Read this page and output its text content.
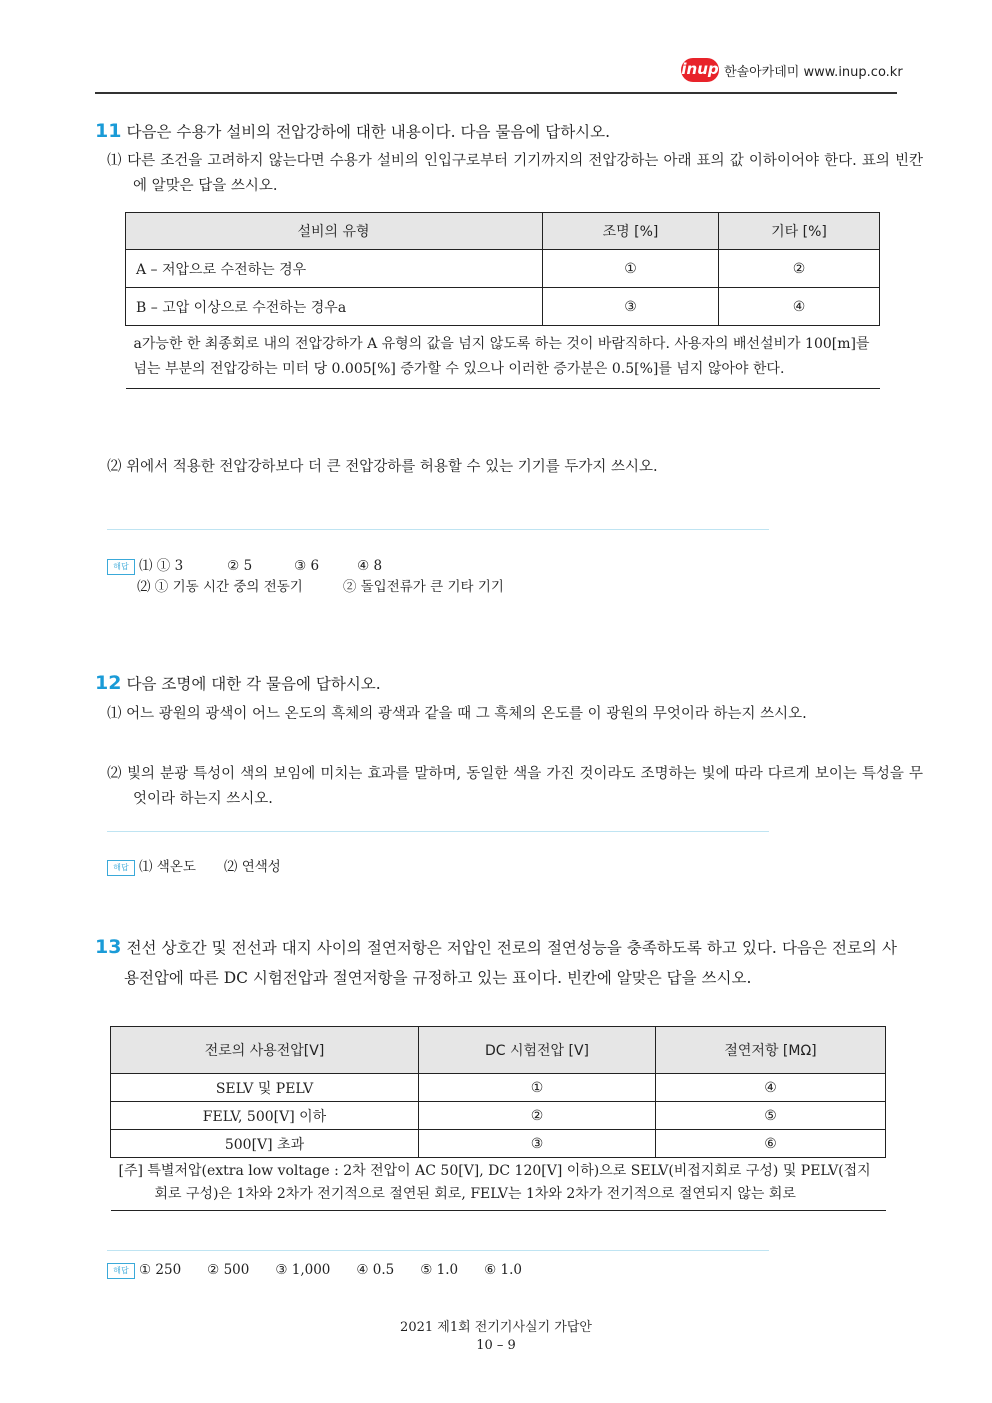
inup 한솔아카데미 www.inup.co.kr
11 다음은 수용가 설비의 전압강하에 대한 내용이다. 다음 물음에 답하시오.
⑴ 다른 조건을 고려하지 않는다면 수용가 설비의 인입구로부터 기기까지의 전압강하는 아래 표의 값 이하이어야 한다. 표의 빈칸에 알맞은 답을 쓰시오.
설비의 유형	조명 [%]	기타 [%]
A – 저압으로 수전하는 경우	①	②
B – 고압 이상으로 수전하는 경우a	③	④
a가능한 한 최종회로 내의 전압강하가 A 유형의 값을 넘지 않도록 하는 것이 바람직하다. 사용자의 배선설비가 100[m]를 넘는 부분의 전압강하는 미터 당 0.005[%] 증가할 수 있으나 이러한 증가분은 0.5[%]를 넘지 않아야 한다.		
⑵ 위에서 적용한 전압강하보다 더 큰 전압강하를 허용할 수 있는 기기를 두가지 쓰시오.
해답 ⑴ ① 3	② 5	③ 6	④ 8
⑵ ① 기동 시간 중의 전동기	② 돌입전류가 큰 기타 기기
12 다음 조명에 대한 각 물음에 답하시오.
⑴ 어느 광원의 광색이 어느 온도의 흑체의 광색과 같을 때 그 흑체의 온도를 이 광원의 무엇이라 하는지 쓰시오.
⑵ 빛의 분광 특성이 색의 보임에 미치는 효과를 말하며, 동일한 색을 가진 것이라도 조명하는 빛에 따라 다르게 보이는 특성을 무엇이라 하는지 쓰시오.
해답 ⑴ 색온도 ⑵ 연색성
13 전선 상호간 및 전선과 대지 사이의 절연저항은 저압인 전로의 절연성능을 충족하도록 하고 있다. 다음은 전로의 사용전압에 따른 DC 시험전압과 절연저항을 규정하고 있는 표이다. 빈칸에 알맞은 답을 쓰시오.
전로의 사용전압[V]	DC 시험전압 [V]	절연저항 [MΩ]
SELV 및 PELV	①	④
FELV, 500[V] 이하	②	⑤
500[V] 초과	③	⑥

[주] 특별저압(extra low voltage : 2차 전압이 AC 50[V], DC 120[V] 이하)으로 SELV(비접지회로 구성) 및 PELV(접지회로 구성)은 1차와 2차가 전기적으로 절연된 회로, FELV는 1차와 2차가 전기적으로 절연되지 않는 회로		
해답 ① 250 ② 500 ③ 1,000 ④ 0.5 ⑤ 1.0 ⑥ 1.0
2021 제1회 전기기사실기 가답안
10 – 9
